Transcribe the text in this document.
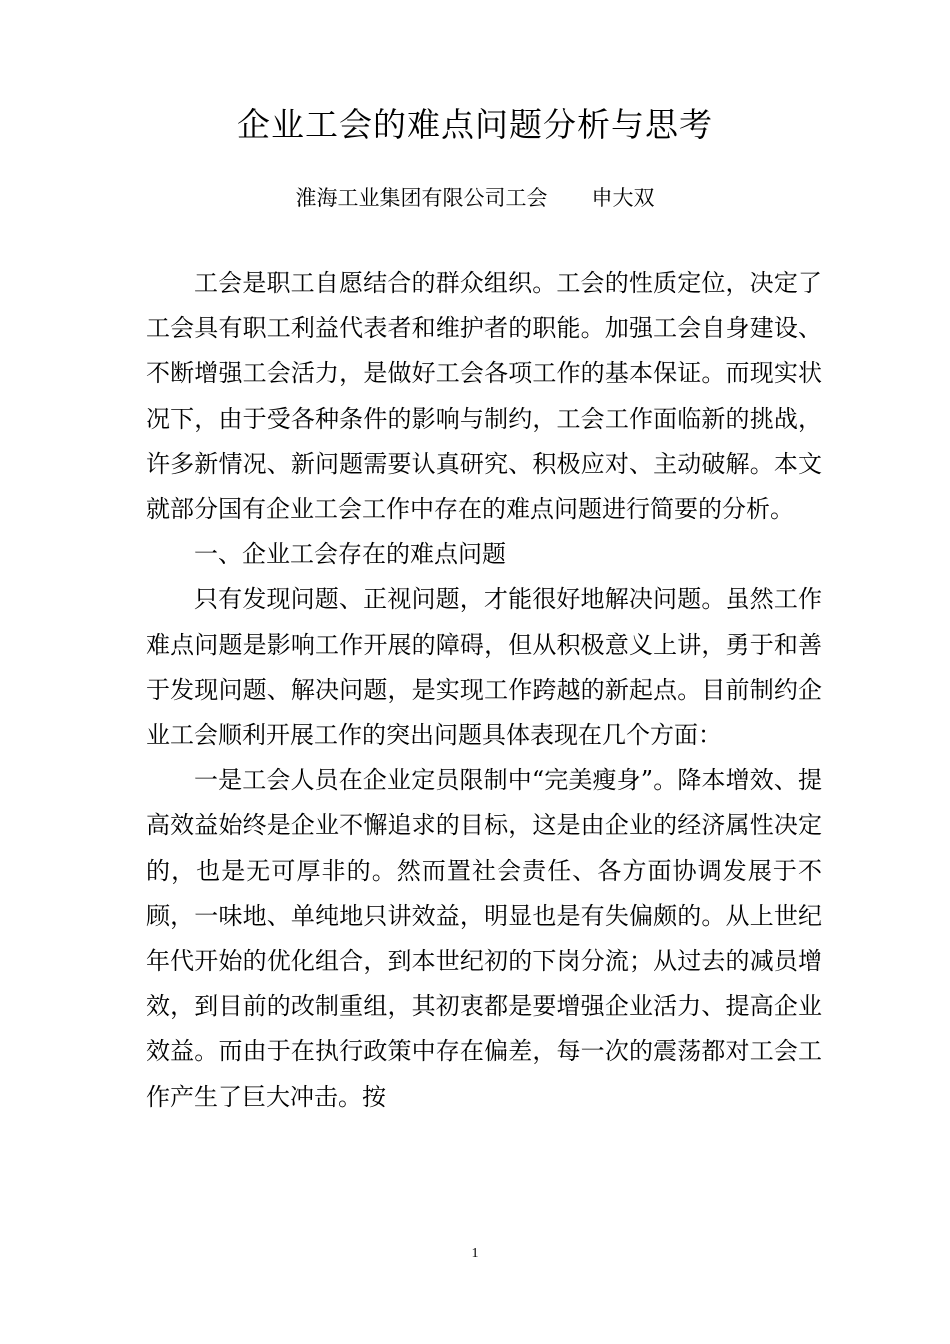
企业工会的难点问题分析与思考
淮海工业集团有限公司工会 申大双

工会是职工自愿结合的群众组织。工会的性质定位，决定了工会具有职工利益代表者和维护者的职能。加强工会自身建设、不断增强工会活力，是做好工会各项工作的基本保证。而现实状况下，由于受各种条件的影响与制约，工会工作面临新的挑战，许多新情况、新问题需要认真研究、积极应对、主动破解。本文就部分国有企业工会工作中存在的难点问题进行简要的分析。

一、企业工会存在的难点问题

只有发现问题、正视问题，才能很好地解决问题。虽然工作难点问题是影响工作开展的障碍，但从积极意义上讲，勇于和善于发现问题、解决问题，是实现工作跨越的新起点。目前制约企业工会顺利开展工作的突出问题具体表现在几个方面：

一是工会人员在企业定员限制中“完美瘦身”。降本增效、提高效益始终是企业不懈追求的目标，这是由企业的经济属性决定的，也是无可厚非的。然而置社会责任、各方面协调发展于不顾，一味地、单纯地只讲效益，明显也是有失偏颇的。从上世纪　　年代开始的优化组合，到本世纪初的下岗分流；从过去的减员增效，到目前的改制重组，其初衷都是要增强企业活力、提高企业效益。而由于在执行政策中存在偏差，每一次的震荡都对工会工作产生了巨大冲击。按

1
